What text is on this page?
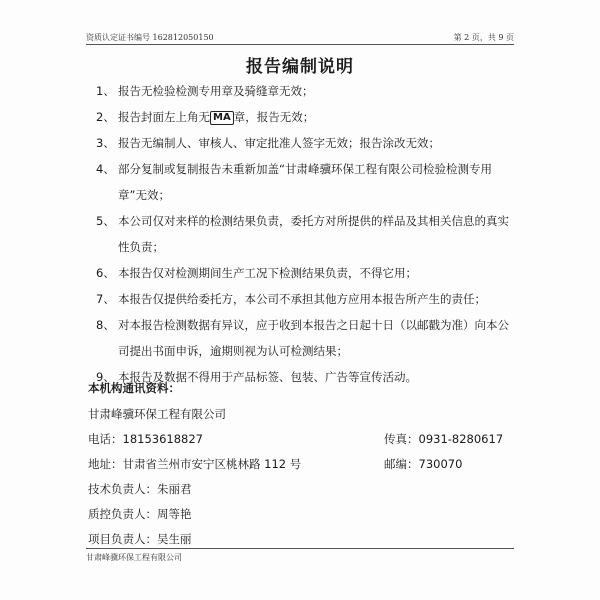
资质认定证书编号 162812050150	第 2 页，共 9 页
报告编制说明
1、 报告无检验检测专用章及骑缝章无效；
2、 报告封面左上角无 MA 章，报告无效；
3、 报告无编制人、审核人、审定批准人签字无效；报告涂改无效；
4、 部分复制或复制报告未重新加盖“甘肃峰骥环保工程有限公司检验检测专用章”无效；
5、 本公司仅对来样的检测结果负责，委托方对所提供的样品及其相关信息的真实性负责；
6、 本报告仅对检测期间生产工况下检测结果负责，不得它用；
7、 本报告仅提供给委托方，本公司不承担其他方应用本报告所产生的责任；
8、 对本报告检测数据有异议，应于收到本报告之日起十日（以邮戳为准）向本公司提出书面申诉，逾期则视为认可检测结果；
9、 本报告及数据不得用于产品标签、包装、广告等宣传活动。
本机构通讯资料：
甘肃峰骥环保工程有限公司
电话：18153618827	传真：0931-8280617
地址：甘肃省兰州市安宁区桃林路 112 号	邮编：730070
技术负责人：朱丽君
质控负责人：周等艳
项目负责人：吴生丽
甘肃峰骥环保工程有限公司
